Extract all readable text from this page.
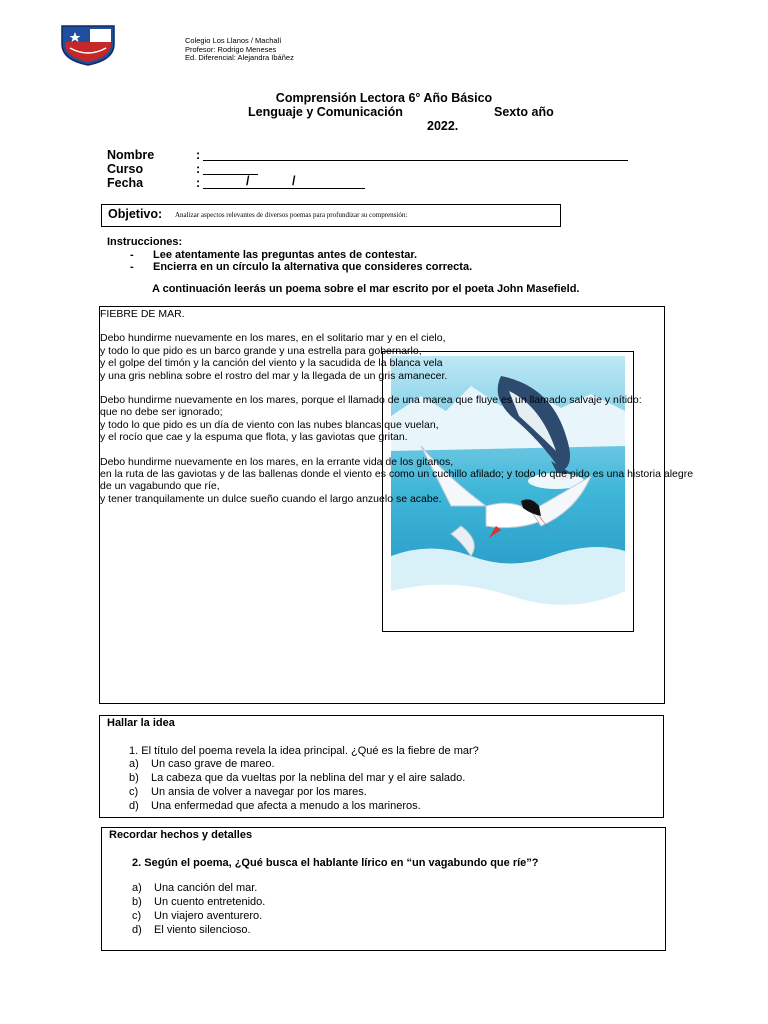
Colegio Los Llanos / Machalí
Profesor: Rodrigo Meneses
Ed. Diferencial: Alejandra Ibáñez
Comprensión Lectora 6° Año Básico
Lenguaje y Comunicación	Sexto año
2022.
Nombre	:
Curso	:
Fecha	:	/	/
Objetivo: Analizar aspectos relevantes de diversos poemas para profundizar su comprensión:
Instrucciones:
- Lee atentamente las preguntas antes de contestar.
- Encierra en un círculo la alternativa que consideres correcta.
A continuación leerás un poema sobre el mar escrito por el poeta John Masefield.
FIEBRE DE MAR.
Debo hundirme nuevamente en los mares, en el solitario mar y en el cielo,
y todo lo que pido es un barco grande y una estrella para gobernarlo,
y el golpe del timón y la canción del viento y la sacudida de la blanca vela
y una gris neblina sobre el rostro del mar y la llegada de un gris amanecer.
Debo hundirme nuevamente en los mares, porque el llamado de una marea que fluye es un llamado salvaje y nítido:
que no debe ser ignorado;
y todo lo que pido es un día de viento con las nubes blancas que vuelan,
y el rocío que cae y la espuma que flota, y las gaviotas que gritan.
Debo hundirme nuevamente en los mares, en la errante vida de los gitanos,
en la ruta de las gaviotas y de las ballenas donde el viento es como un cuchillo afilado; y todo lo que pido es una historia alegre
de un vagabundo que ríe,
y tener tranquilamente un dulce sueño cuando el largo anzuelo se acabe.
Hallar la idea
1. El título del poema revela la idea principal. ¿Qué es la fiebre de mar?
a) Un caso grave de mareo.
b) La cabeza que da vueltas por la neblina del mar y el aire salado.
c) Un ansia de volver a navegar por los mares.
d) Una enfermedad que afecta a menudo a los marineros.
Recordar hechos y detalles
2. Según el poema, ¿Qué busca el hablante lírico en “un vagabundo que ríe”?
a) Una canción del mar.
b) Un cuento entretenido.
c) Un viajero aventurero.
d) El viento silencioso.
